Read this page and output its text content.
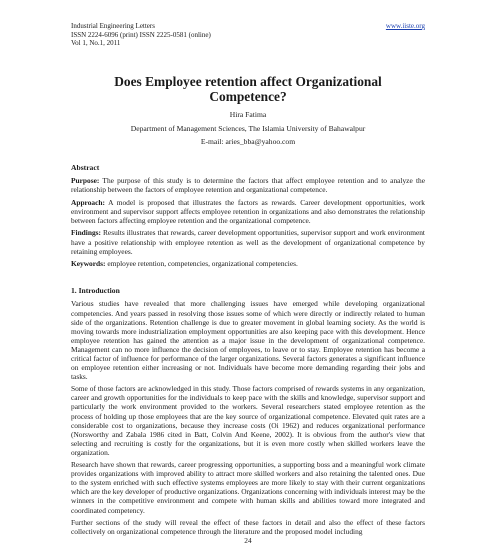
Industrial Engineering Letters
ISSN 2224-6096 (print) ISSN 2225-0581 (online)
Vol 1, No.1, 2011
www.iiste.org
Does Employee retention affect Organizational Competence?
Hira Fatima
Department of Management Sciences, The Islamia University of Bahawalpur
E-mail: aries_bba@yahoo.com
Abstract
Purpose: The purpose of this study is to determine the factors that affect employee retention and to analyze the relationship between the factors of employee retention and organizational competence.
Approach: A model is proposed that illustrates the factors as rewards. Career development opportunities, work environment and supervisor support affects employee retention in organizations and also demonstrates the relationship between factors affecting employee retention and the organizational competence.
Findings: Results illustrates that rewards, career development opportunities, supervisor support and work environment have a positive relationship with employee retention as well as the development of organizational competence by retaining employees.
Keywords: employee retention, competencies, organizational competencies.
1. Introduction
Various studies have revealed that more challenging issues have emerged while developing organizational competencies. And years passed in resolving those issues some of which were directly or indirectly related to human side of the organizations. Retention challenge is due to greater movement in global learning society. As the world is moving towards more industrialization employment opportunities are also keeping pace with this development. Hence employee retention has gained the attention as a major issue in the development of organizational competence. Management can no more influence the decision of employees, to leave or to stay. Employee retention has become a critical factor of influence for performance of the larger organizations. Several factors generates a significant influence on employee retention either increasing or not. Individuals have become more demanding regarding their jobs and tasks.
Some of those factors are acknowledged in this study. Those factors comprised of rewards systems in any organization, career and growth opportunities for the individuals to keep pace with the skills and knowledge, supervisor support and particularly the work environment provided to the workers. Several researchers stated employee retention as the process of holding up those employees that are the key source of organizational competence. Elevated quit rates are a considerable cost to organizations, because they increase costs (Oi 1962) and reduces organizational performance (Norsworthy and Zabala 1986 cited in Batt, Colvin And Keene, 2002). It is obvious from the author's view that selecting and recruiting is costly for the organizations, but it is even more costly when skilled workers leave the organization.
Research have shown that rewards, career progressing opportunities, a supporting boss and a meaningful work climate provides organizations with improved ability to attract more skilled workers and also retaining the talented ones. Due to the system enriched with such effective systems employees are more likely to stay with their current organizations which are the key developer of productive organizations. Organizations concerning with individuals interest may be the winners in the competitive environment and compete with human skills and abilities toward more integrated and coordinated competency.
Further sections of the study will reveal the effect of these factors in detail and also the effect of these factors collectively on organizational competence through the literature and the proposed model including
24
